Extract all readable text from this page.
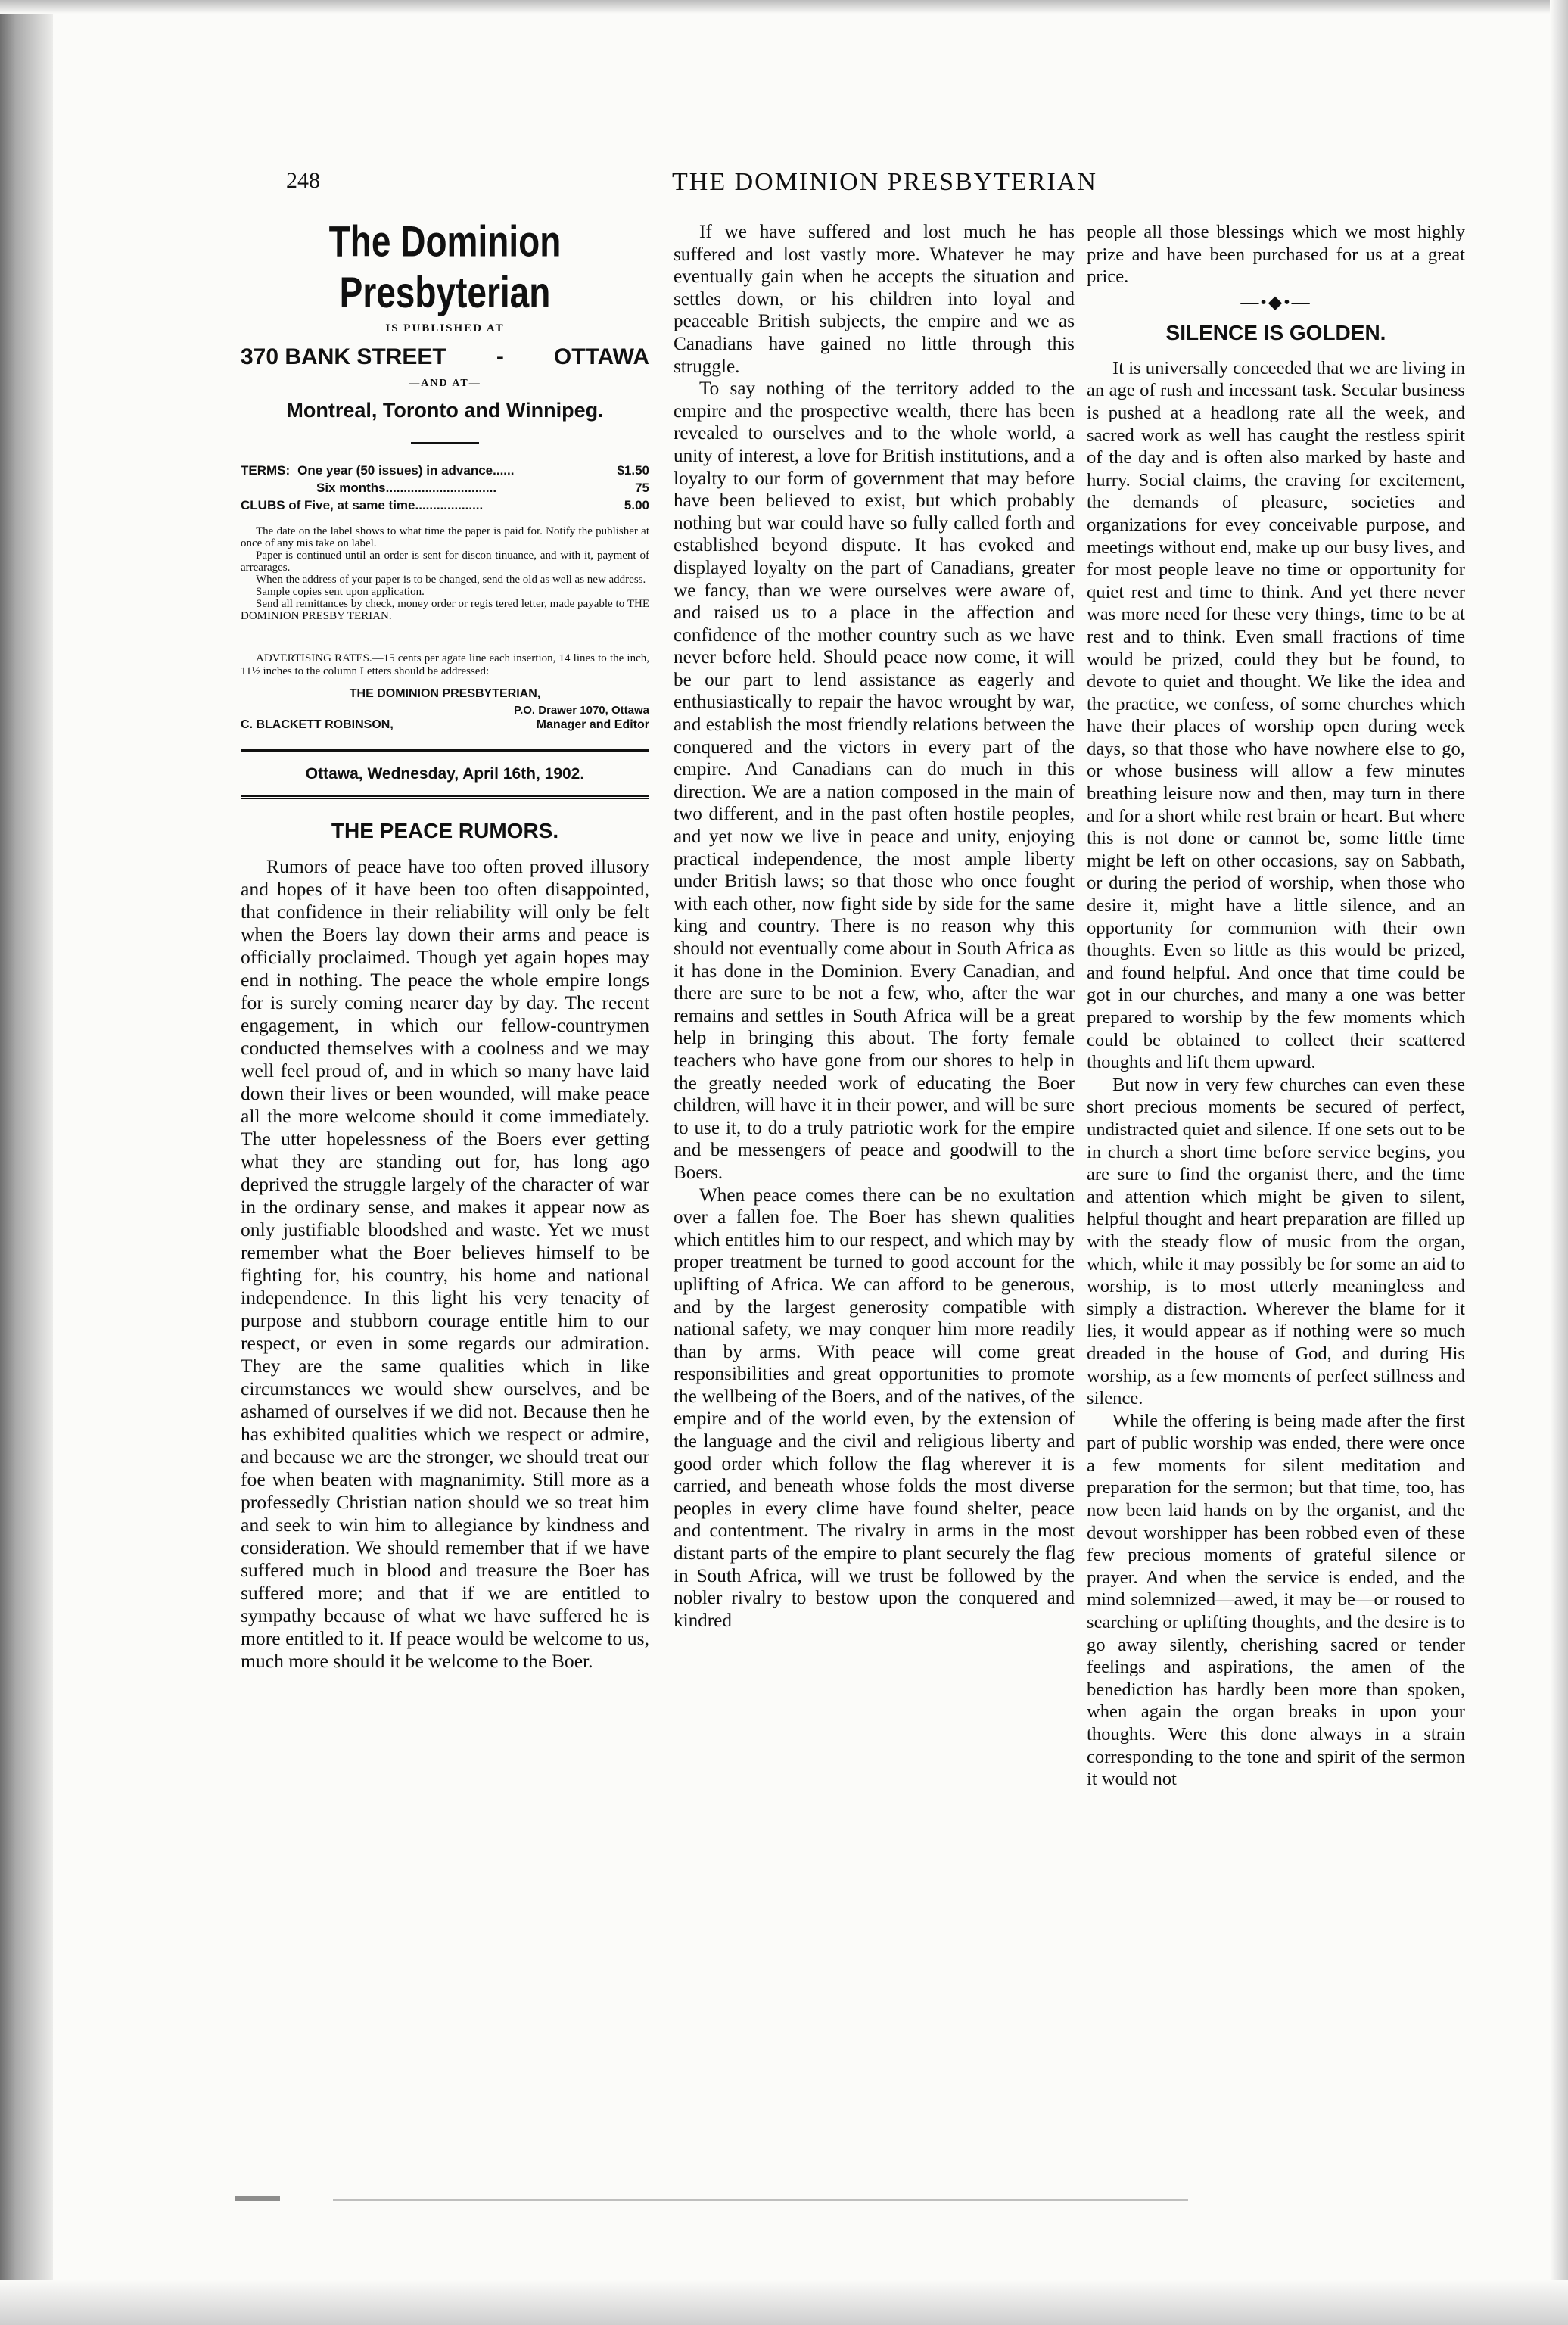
248	THE DOMINION PRESBYTERIAN
The Dominion Presbyterian
IS PUBLISHED AT
370 BANK STREET - OTTAWA
—AND AT—
Montreal, Toronto and Winnipeg.
TERMS: One year (50 issues) in advance......	$1.50
Six months...............................	75
CLUBS of Five, at same time...................	5.00

The date on the label shows to what time the paper is paid for. Notify the publisher at once of any mis take on label.

Paper is continued until an order is sent for discon tinuance, and with it, payment of arrearages.

When the address of your paper is to be changed, send the old as well as new address.

Sample copies sent upon application.

Send all remittances by check, money order or regis tered letter, made payable to THE DOMINION PRESBY TERIAN.

ADVERTISING RATES.—15 cents per agate line each insertion, 14 lines to the inch, 11½ inches to the column Letters should be addressed:

THE DOMINION PRESBYTERIAN,
P.O. Drawer 1070, Ottawa
C. BLACKETT ROBINSON,	Manager and Editor
Ottawa, Wednesday, April 16th, 1902.
THE PEACE RUMORS.

Rumors of peace have too often proved illusory and hopes of it have been too often disappointed, that confidence in their reliability will only be felt when the Boers lay down their arms and peace is officially proclaimed. Though yet again hopes may end in nothing. The peace the whole empire longs for is surely coming nearer day by day. The recent engagement, in which our fellow-countrymen conducted themselves with a coolness and we may well feel proud of, and in which so many have laid down their lives or been wounded, will make peace all the more welcome should it come immediately. The utter hopelessness of the Boers ever getting what they are standing out for, has long ago deprived the struggle largely of the character of war in the ordinary sense, and makes it appear now as only justifiable bloodshed and waste. Yet we must remember what the Boer believes himself to be fighting for, his country, his home and national independence. In this light his very tenacity of purpose and stubborn courage entitle him to our respect, or even in some regards our admiration. They are the same qualities which in like circumstances we would shew ourselves, and be ashamed of ourselves if we did not. Because then he has exhibited qualities which we respect or admire, and because we are the stronger, we should treat our foe when beaten with magnanimity. Still more as a professedly Christian nation should we so treat him and seek to win him to allegiance by kindness and consideration. We should remember that if we have suffered much in blood and treasure the Boer has suffered more; and that if we are entitled to sympathy because of what we have suffered he is more entitled to it. If peace would be welcome to us, much more should it be welcome to the Boer.

If we have suffered and lost much he has suffered and lost vastly more. Whatever he may eventually gain when he accepts the situation and settles down, or his children into loyal and peaceable British subjects, the empire and we as Canadians have gained no little through this struggle.

To say nothing of the territory added to the empire and the prospective wealth, there has been revealed to ourselves and to the whole world, a unity of interest, a love for British institutions, and a loyalty to our form of government that may before have been believed to exist, but which probably nothing but war could have so fully called forth and established beyond dispute. It has evoked and displayed loyalty on the part of Canadians, greater we fancy, than we were ourselves were aware of, and raised us to a place in the affection and confidence of the mother country such as we have never before held. Should peace now come, it will be our part to lend assistance as eagerly and enthusiastically to repair the havoc wrought by war, and establish the most friendly relations between the conquered and the victors in every part of the empire. And Canadians can do much in this direction. We are a nation composed in the main of two different, and in the past often hostile peoples, and yet now we live in peace and unity, enjoying practical independence, the most ample liberty under British laws; so that those who once fought with each other, now fight side by side for the same king and country. There is no reason why this should not eventually come about in South Africa as it has done in the Dominion. Every Canadian, and there are sure to be not a few, who, after the war remains and settles in South Africa will be a great help in bringing this about. The forty female teachers who have gone from our shores to help in the greatly needed work of educating the Boer children, will have it in their power, and will be sure to use it, to do a truly patriotic work for the empire and be messengers of peace and goodwill to the Boers.

When peace comes there can be no exultation over a fallen foe. The Boer has shewn qualities which entitles him to our respect, and which may by proper treatment be turned to good account for the uplifting of Africa. We can afford to be generous, and by the largest generosity compatible with national safety, we may conquer him more readily than by arms. With peace will come great responsibilities and great opportunities to promote the wellbeing of the Boers, and of the natives, of the empire and of the world even, by the extension of the language and the civil and religious liberty and good order which follow the flag wherever it is carried, and beneath whose folds the most diverse peoples in every clime have found shelter, peace and contentment. The rivalry in arms in the most distant parts of the empire to plant securely the flag in South Africa, will we trust be followed by the nobler rivalry to bestow upon the conquered and kindred

people all those blessings which we most highly prize and have been purchased for us at a great price.

—•◆•—
SILENCE IS GOLDEN.

It is universally conceeded that we are living in an age of rush and incessant task. Secular business is pushed at a headlong rate all the week, and sacred work as well has caught the restless spirit of the day and is often also marked by haste and hurry. Social claims, the craving for excitement, the demands of pleasure, societies and organizations for evey conceivable purpose, and meetings without end, make up our busy lives, and for most people leave no time or opportunity for quiet rest and time to think. And yet there never was more need for these very things, time to be at rest and to think. Even small fractions of time would be prized, could they but be found, to devote to quiet and thought. We like the idea and the practice, we confess, of some churches which have their places of worship open during week days, so that those who have nowhere else to go, or whose business will allow a few minutes breathing leisure now and then, may turn in there and for a short while rest brain or heart. But where this is not done or cannot be, some little time might be left on other occasions, say on Sabbath, or during the period of worship, when those who desire it, might have a little silence, and an opportunity for communion with their own thoughts. Even so little as this would be prized, and found helpful. And once that time could be got in our churches, and many a one was better prepared to worship by the few moments which could be obtained to collect their scattered thoughts and lift them upward.

But now in very few churches can even these short precious moments be secured of perfect, undistracted quiet and silence. If one sets out to be in church a short time before service begins, you are sure to find the organist there, and the time and attention which might be given to silent, helpful thought and heart preparation are filled up with the steady flow of music from the organ, which, while it may possibly be for some an aid to worship, is to most utterly meaningless and simply a distraction. Wherever the blame for it lies, it would appear as if nothing were so much dreaded in the house of God, and during His worship, as a few moments of perfect stillness and silence.

While the offering is being made after the first part of public worship was ended, there were once a few moments for silent meditation and preparation for the sermon; but that time, too, has now been laid hands on by the organist, and the devout worshipper has been robbed even of these few precious moments of grateful silence or prayer. And when the service is ended, and the mind solemnized—awed, it may be—or roused to searching or uplifting thoughts, and the desire is to go away silently, cherishing sacred or tender feelings and aspirations, the amen of the benediction has hardly been more than spoken, when again the organ breaks in upon your thoughts. Were this done always in a strain corresponding to the tone and spirit of the sermon it would not
